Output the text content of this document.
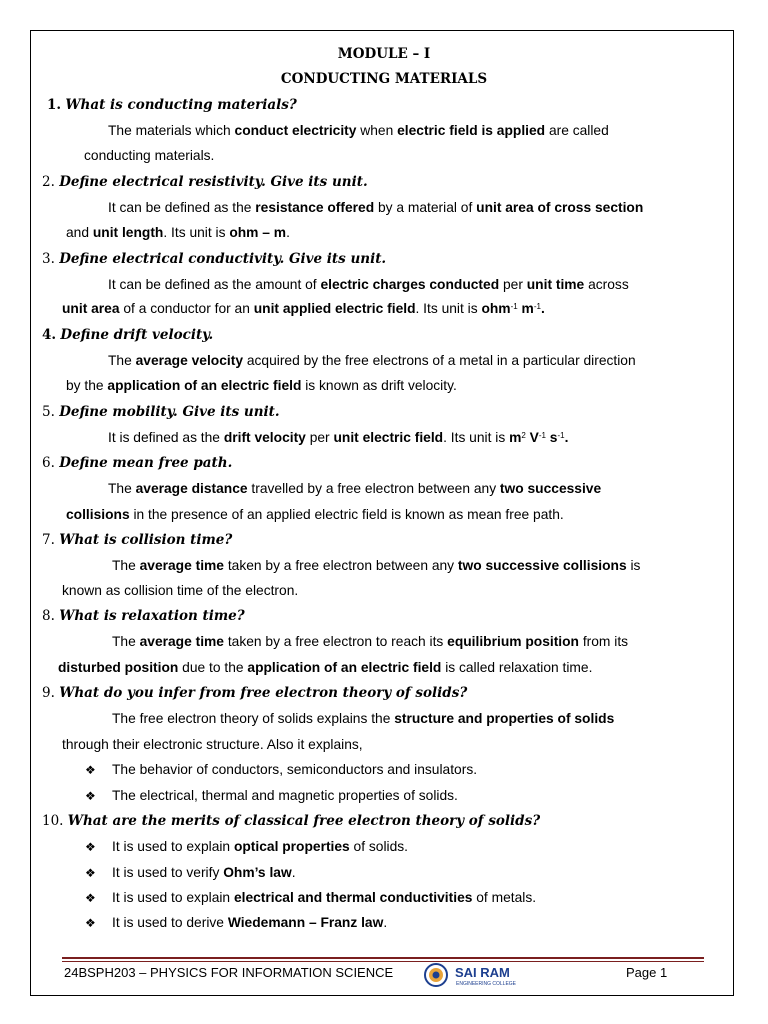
MODULE – I
CONDUCTING MATERIALS
1. What is conducting materials?
The materials which conduct electricity when electric field is applied are called
conducting materials.
2. Define electrical resistivity. Give its unit.
It can be defined as the resistance offered by a material of unit area of cross section
and unit length. Its unit is ohm – m.
3. Define electrical conductivity. Give its unit.
It can be defined as the amount of electric charges conducted per unit time across
unit area of a conductor for an unit applied electric field. Its unit is ohm$^{-1}$ $m^{-1}$.
4. Define drift velocity.
The average velocity acquired by the free electrons of a metal in a particular direction
by the application of an electric field is known as drift velocity.
5. Define mobility. Give its unit.
It is defined as the drift velocity per unit electric field. Its unit is $m^2$ $V^{-1}$ $s^{-1}$.
6. Define mean free path.
The average distance travelled by a free electron between any two successive
collisions in the presence of an applied electric field is known as mean free path.
7. What is collision time?
The average time taken by a free electron between any two successive collisions is
known as collision time of the electron.
8. What is relaxation time?
The average time taken by a free electron to reach its equilibrium position from its
disturbed position due to the application of an electric field is called relaxation time.
9. What do you infer from free electron theory of solids?
The free electron theory of solids explains the structure and properties of solids
through their electronic structure. Also it explains,
❖ The behavior of conductors, semiconductors and insulators.
❖ The electrical, thermal and magnetic properties of solids.
10. What are the merits of classical free electron theory of solids?
❖ It is used to explain optical properties of solids.
❖ It is used to verify Ohm’s law.
❖ It is used to explain electrical and thermal conductivities of metals.
❖ It is used to derive Wiedemann – Franz law.
24BSPH203 – PHYSICS FOR INFORMATION SCIENCE	SAI RAM
ENGINEERING COLLEGE
Page 1
